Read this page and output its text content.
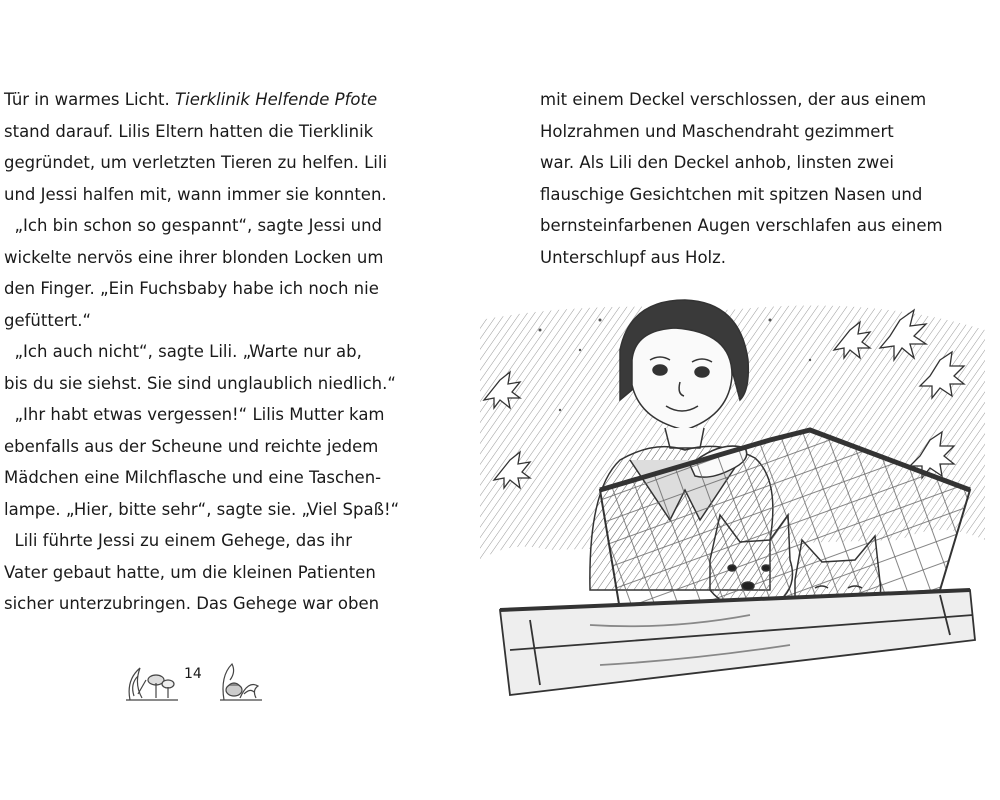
Tür in warmes Licht. Tierklinik Helfende Pfote
stand darauf. Lilis Eltern hatten die Tierklinik
gegründet, um verletzten Tieren zu helfen. Lili
und Jessi halfen mit, wann immer sie konnten.
„Ich bin schon so gespannt“, sagte Jessi und
wickelte nervös eine ihrer blonden Locken um
den Finger. „Ein Fuchsbaby habe ich noch nie
gefüttert.“
„Ich auch nicht“, sagte Lili. „Warte nur ab,
bis du sie siehst. Sie sind unglaublich niedlich.“
„Ihr habt etwas vergessen!“ Lilis Mutter kam
ebenfalls aus der Scheune und reichte jedem
Mädchen eine Milchflasche und eine Taschen-
lampe. „Hier, bitte sehr“, sagte sie. „Viel Spaß!“
Lili führte Jessi zu einem Gehege, das ihr
Vater gebaut hatte, um die kleinen Patienten
sicher unterzubringen. Das Gehege war oben
14
mit einem Deckel verschlossen, der aus einem
Holzrahmen und Maschendraht gezimmert
war. Als Lili den Deckel anhob, linsten zwei
flauschige Gesichtchen mit spitzen Nasen und
bernsteinfarbenen Augen verschlafen aus einem
Unterschlupf aus Holz.
